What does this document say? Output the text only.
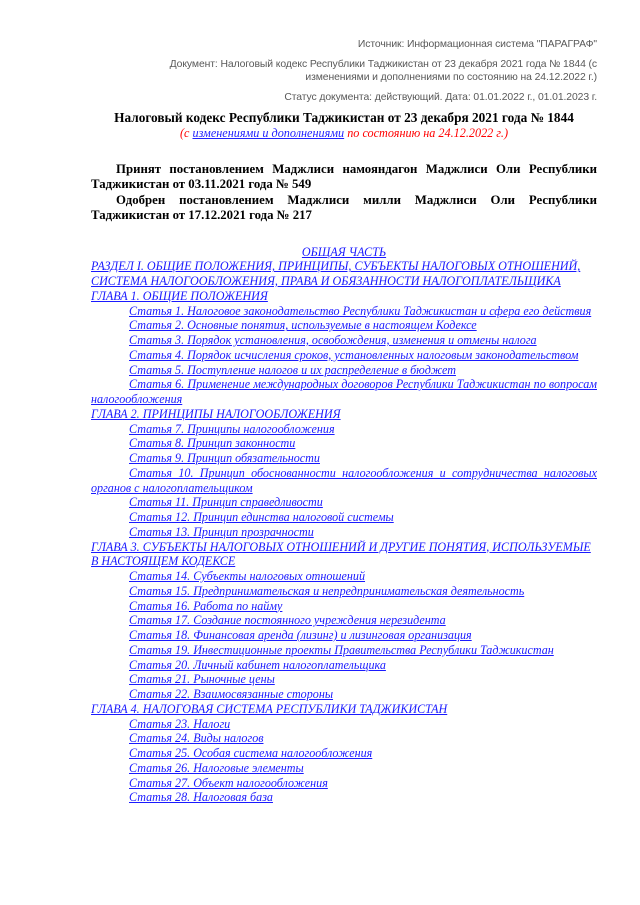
Источник: Информационная система "ПАРАГРАФ"
Документ: Налоговый кодекс Республики Таджикистан от 23 декабря 2021 года № 1844 (с
изменениями и дополнениями по состоянию на 24.12.2022 г.)
Статус документа: действующий. Дата: 01.01.2022 г., 01.01.2023 г.
Налоговый кодекс Республики Таджикистан от 23 декабря 2021 года № 1844
(с изменениями и дополнениями по состоянию на 24.12.2022 г.)

Принят постановлением Маджлиси намояндагон Маджлиси Оли Республики Таджикистан от 03.11.2021 года № 549

Одобрен постановлением Маджлиси милли Маджлиси Оли Республики Таджикистан от 17.12.2021 года № 217

ОБЩАЯ ЧАСТЬ
РАЗДЕЛ I. ОБЩИЕ ПОЛОЖЕНИЯ, ПРИНЦИПЫ, СУБЪЕКТЫ НАЛОГОВЫХ ОТНОШЕНИЙ, СИСТЕМА НАЛОГООБЛОЖЕНИЯ, ПРАВА И ОБЯЗАННОСТИ НАЛОГОПЛАТЕЛЬЩИКА
ГЛАВА 1. ОБЩИЕ ПОЛОЖЕНИЯ
Статья 1. Налоговое законодательство Республики Таджикистан и сфера его действия
Статья 2. Основные понятия, используемые в настоящем Кодексе
Статья 3. Порядок установления, освобождения, изменения и отмены налога
Статья 4. Порядок исчисления сроков, установленных налоговым законодательством
Статья 5. Поступление налогов и их распределение в бюджет
Статья 6. Применение международных договоров Республики Таджикистан по вопросам налогообложения
ГЛАВА 2. ПРИНЦИПЫ НАЛОГООБЛОЖЕНИЯ
Статья 7. Принципы налогообложения
Статья 8. Принцип законности
Статья 9. Принцип обязательности
Статья 10. Принцип обоснованности налогообложения и сотрудничества налоговых органов с налогоплательщиком
Статья 11. Принцип справедливости
Статья 12. Принцип единства налоговой системы
Статья 13. Принцип прозрачности
ГЛАВА 3. СУБЪЕКТЫ НАЛОГОВЫХ ОТНОШЕНИЙ И ДРУГИЕ ПОНЯТИЯ, ИСПОЛЬЗУЕМЫЕ В НАСТОЯЩЕМ КОДЕКСЕ
Статья 14. Субъекты налоговых отношений
Статья 15. Предпринимательская и непредпринимательская деятельность
Статья 16. Работа по найму
Статья 17. Создание постоянного учреждения нерезидента
Статья 18. Финансовая аренда (лизинг) и лизинговая организация
Статья 19. Инвестиционные проекты Правительства Республики Таджикистан
Статья 20. Личный кабинет налогоплательщика
Статья 21. Рыночные цены
Статья 22. Взаимосвязанные стороны
ГЛАВА 4. НАЛОГОВАЯ СИСТЕМА РЕСПУБЛИКИ ТАДЖИКИСТАН
Статья 23. Налоги
Статья 24. Виды налогов
Статья 25. Особая система налогообложения
Статья 26. Налоговые элементы
Статья 27. Объект налогообложения
Статья 28. Налоговая база
